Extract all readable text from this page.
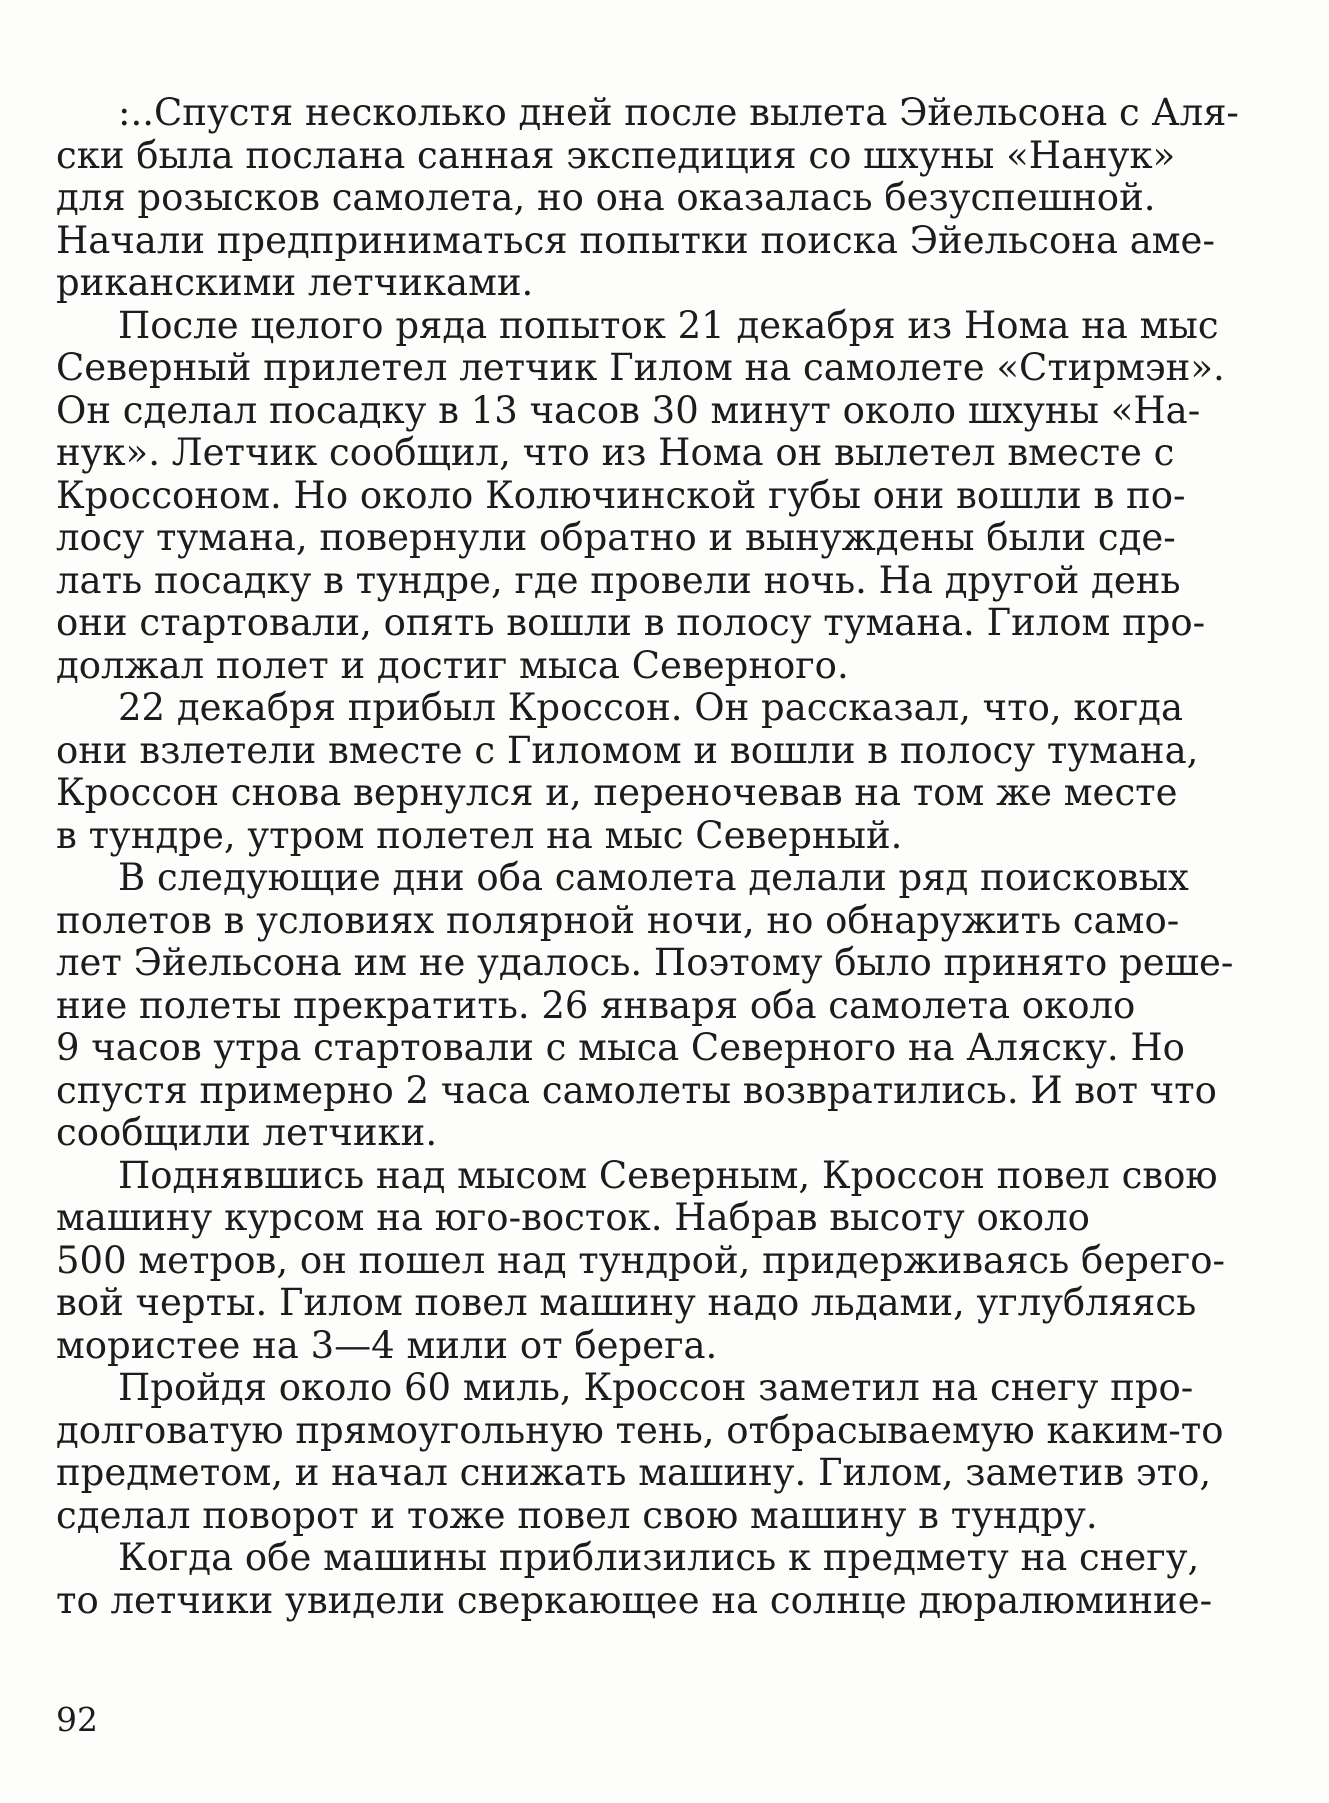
:..Спустя несколько дней после вылета Эйельсона с Аля-
ски была послана санная экспедиция со шхуны «Нанук»
для розысков самолета, но она оказалась безуспешной.
Начали предприниматься попытки поиска Эйельсона аме-
риканскими летчиками.
После целого ряда попыток 21 декабря из Нома на мыс
Северный прилетел летчик Гилом на самолете «Стирмэн».
Он сделал посадку в 13 часов 30 минут около шхуны «На-
нук». Летчик сообщил, что из Нома он вылетел вместе с
Кроссоном. Но около Колючинской губы они вошли в по-
лосу тумана, повернули обратно и вынуждены были сде-
лать посадку в тундре, где провели ночь. На другой день
они стартовали, опять вошли в полосу тумана. Гилом про-
должал полет и достиг мыса Северного.
22 декабря прибыл Кроссон. Он рассказал, что, когда
они взлетели вместе с Гиломом и вошли в полосу тумана,
Кроссон снова вернулся и, переночевав на том же месте
в тундре, утром полетел на мыс Северный.
В следующие дни оба самолета делали ряд поисковых
полетов в условиях полярной ночи, но обнаружить само-
лет Эйельсона им не удалось. Поэтому было принято реше-
ние полеты прекратить. 26 января оба самолета около
9 часов утра стартовали с мыса Северного на Аляску. Но
спустя примерно 2 часа самолеты возвратились. И вот что
сообщили летчики.
Поднявшись над мысом Северным, Кроссон повел свою
машину курсом на юго-восток. Набрав высоту около
500 метров, он пошел над тундрой, придерживаясь берего-
вой черты. Гилом повел машину надо льдами, углубляясь
мористее на 3—4 мили от берега.
Пройдя около 60 миль, Кроссон заметил на снегу про-
долговатую прямоугольную тень, отбрасываемую каким-то
предметом, и начал снижать машину. Гилом, заметив это,
сделал поворот и тоже повел свою машину в тундру.
Когда обе машины приблизились к предмету на снегу,
то летчики увидели сверкающее на солнце дюралюминие-
92
